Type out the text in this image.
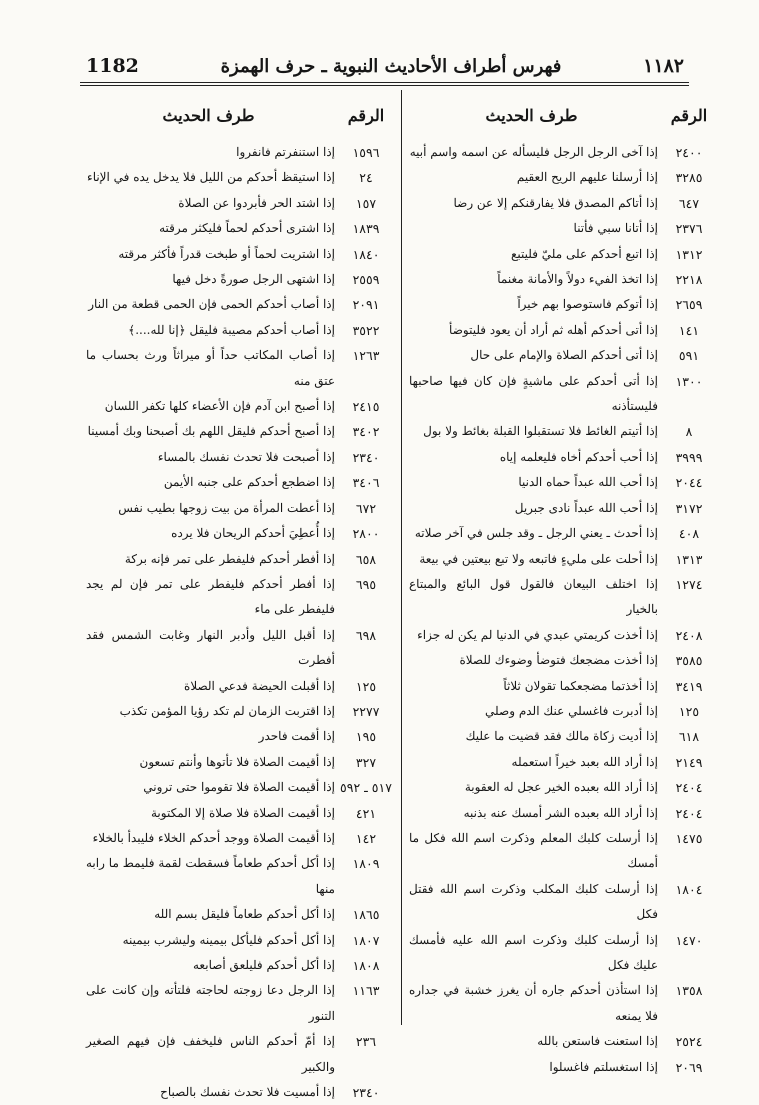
١١٨٢
فهرس أطراف الأحاديث النبوية ـ حرف الهمزة
1182
الرقم
طرف الحديث
٢٤٠٠
إذا آخى الرجل الرجل فليسأله عن اسمه واسم أبيه
٣٢٨٥
إذا أرسلنا عليهم الريح العقيم
٦٤٧
إذا أتاكم المصدق فلا يفارقنكم إلا عن رضا
٢٣٧٦
إذا أتانا سبي فأتنا
١٣١٢
إذا اتبع أحدكم على مليّ فليتبع
٢٢١٨
إذا اتخذ الفيء دولاً والأمانة مغنماً
٢٦٥٩
إذا أتوكم فاستوصوا بهم خيراً
١٤١
إذا أتى أحدكم أهله ثم أراد أن يعود فليتوضأ
٥٩١
إذا أتى أحدكم الصلاة والإمام على حال
١٣٠٠
إذا أتى أحدكم على ماشيةٍ فإن كان فيها صاحبها فليستأذنه
٨
إذا أتيتم الغائط فلا تستقبلوا القبلة بغائط ولا بول
٣٩٩٩
إذا أحب أحدكم أخاه فليعلمه إياه
٢٠٤٤
إذا أحب الله عبداً حماه الدنيا
٣١٧٢
إذا أحب الله عبداً نادى جبريل
٤٠٨
إذا أحدث ـ يعني الرجل ـ وقد جلس في آخر صلاته
١٣١٣
إذا أحلت على مليءٍ فاتبعه ولا تبع بيعتين في بيعة
١٢٧٤
إذا اختلف البيعان فالقول قول البائع والمبتاع بالخيار
٢٤٠٨
إذا أخذت كريمتي عبدي في الدنيا لم يكن له جزاء
٣٥٨٥
إذا أخذت مضجعك فتوضأ وضوءك للصلاة
٣٤١٩
إذا أخذتما مضجعكما تقولان ثلاثاً
١٢٥
إذا أدبرت فاغسلي عنك الدم وصلي
٦١٨
إذا أديت زكاة مالك فقد قضيت ما عليك
٢١٤٩
إذا أراد الله بعبد خيراً استعمله
٢٤٠٤
إذا أراد الله بعبده الخير عجل له العقوبة
٢٤٠٤
إذا أراد الله بعبده الشر أمسك عنه بذنبه
١٤٧٥
إذا أرسلت كلبك المعلم وذكرت اسم الله فكل ما أمسك
١٨٠٤
إذا أرسلت كلبك المكلب وذكرت اسم الله فقتل فكل
١٤٧٠
إذا أرسلت كلبك وذكرت اسم الله عليه فأمسك عليك فكل
١٣٥٨
إذا استأذن أحدكم جاره أن يغرز خشبة في جداره فلا يمنعه
٢٥٢٤
إذا استعنت فاستعن بالله
٢٠٦٩
إذا استغسلتم فاغسلوا
الرقم
طرف الحديث
١٥٩٦
إذا استنفرتم فانفروا
٢٤
إذا استيقظ أحدكم من الليل فلا يدخل يده في الإناء
١٥٧
إذا اشتد الحر فأبردوا عن الصلاة
١٨٣٩
إذا اشترى أحدكم لحماً فليكثر مرقته
١٨٤٠
إذا اشتريت لحماً أو طبخت قدراً فأكثر مرقته
٢٥٥٩
إذا اشتهى الرجل صورةً دخل فيها
٢٠٩١
إذا أصاب أحدكم الحمى فإن الحمى قطعة من النار
٣٥٢٢
إذا أصاب أحدكم مصيبة فليقل ﴿إنا لله....﴾
١٢٦٣
إذا أصاب المكاتب حداً أو ميراثاً ورث بحساب ما عتق منه
٢٤١٥
إذا أصبح ابن آدم فإن الأعضاء كلها تكفر اللسان
٣٤٠٢
إذا أصبح أحدكم فليقل اللهم بك أصبحنا وبك أمسينا
٢٣٤٠
إذا أصبحت فلا تحدث نفسك بالمساء
٣٤٠٦
إذا اضطجع أحدكم على جنبه الأيمن
٦٧٢
إذا أعطت المرأة من بيت زوجها بطيب نفس
٢٨٠٠
إذا أُعطِيَ أحدكم الريحان فلا يرده
٦٥٨
إذا أفطر أحدكم فليفطر على تمر فإنه بركة
٦٩٥
إذا أفطر أحدكم فليفطر على تمر فإن لم يجد فليفطر على ماء
٦٩٨
إذا أقبل الليل وأدبر النهار وغابت الشمس فقد أفطرت
١٢٥
إذا أقبلت الحيضة فدعي الصلاة
٢٢٧٧
إذا اقتربت الزمان لم تكد رؤيا المؤمن تكذب
١٩٥
إذا أقمت فاحدر
٣٢٧
إذا أقيمت الصلاة فلا تأتوها وأنتم تسعون
٥١٧ ـ ٥٩٢
إذا أقيمت الصلاة فلا تقوموا حتى تروني
٤٢١
إذا أقيمت الصلاة فلا صلاة إلا المكتوبة
١٤٢
إذا أقيمت الصلاة ووجد أحدكم الخلاء فليبدأ بالخلاء
١٨٠٩
إذا أكل أحدكم طعاماً فسقطت لقمة فليمط ما رابه منها
١٨٦٥
إذا أكل أحدكم طعاماً فليقل بسم الله
١٨٠٧
إذا أكل أحدكم فليأكل بيمينه وليشرب بيمينه
١٨٠٨
إذا أكل أحدكم فليلعق أصابعه
١١٦٣
إذا الرجل دعا زوجته لحاجته فلتأته وإن كانت على التنور
٢٣٦
إذا أمّ أحدكم الناس فليخفف فإن فيهم الصغير والكبير
٢٣٤٠
إذا أمسيت فلا تحدث نفسك بالصباح
